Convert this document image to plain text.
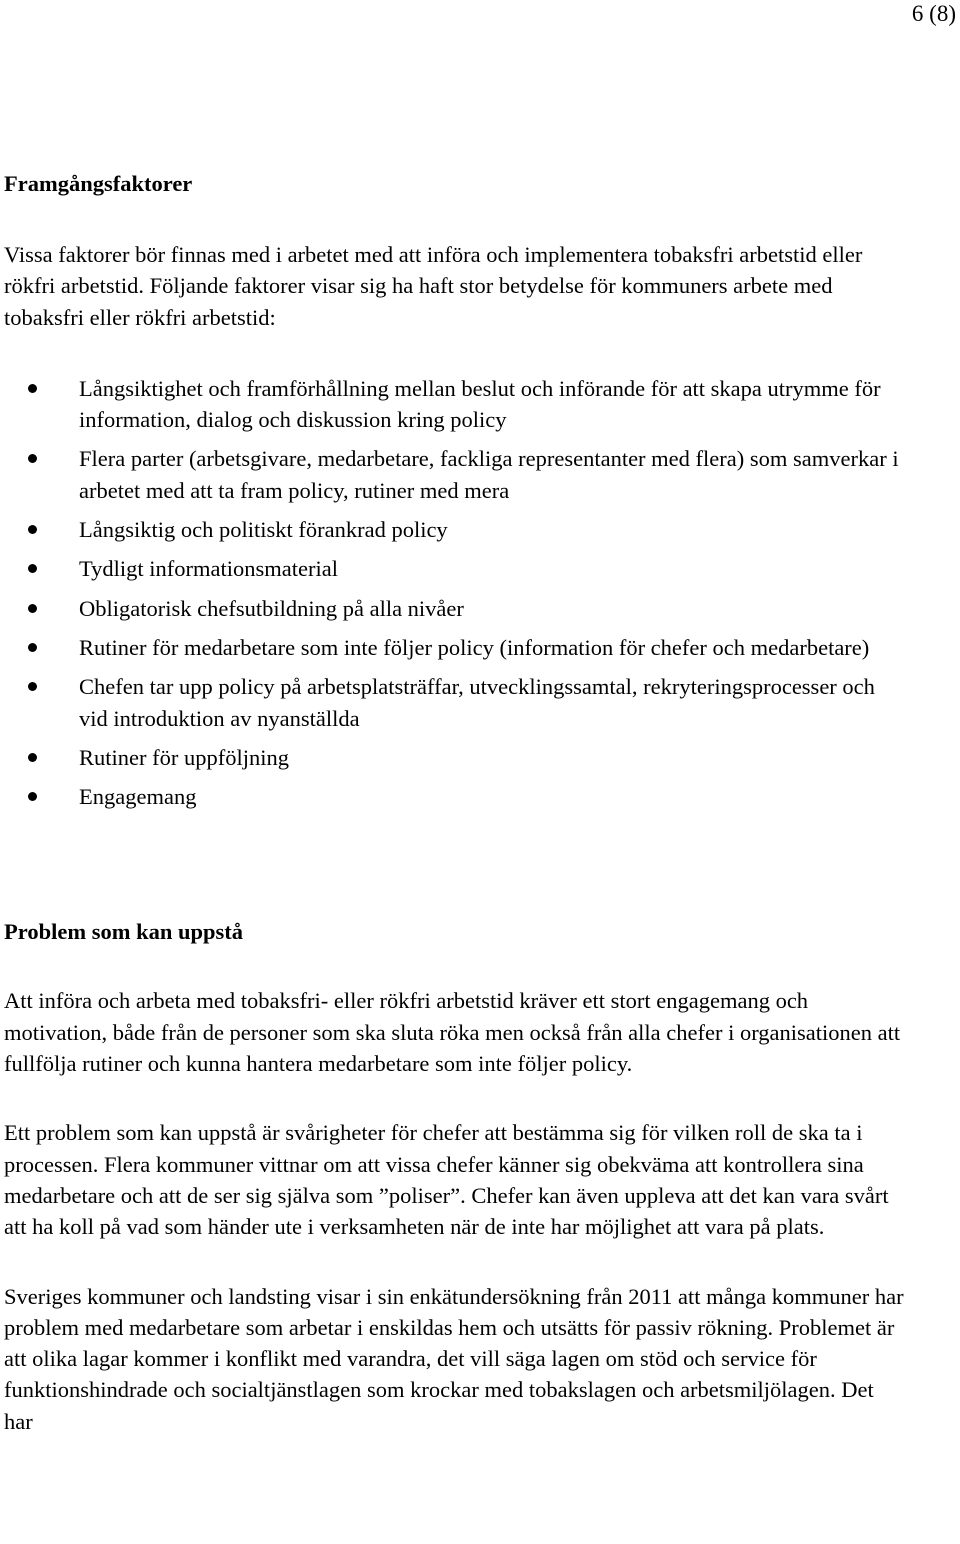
6 (8)
Framgångsfaktorer

Vissa faktorer bör finnas med i arbetet med att införa och implementera tobaksfri arbetstid eller rökfri arbetstid. Följande faktorer visar sig ha haft stor betydelse för kommuners arbete med tobaksfri eller rökfri arbetstid:

Långsiktighet och framförhållning mellan beslut och införande för att skapa utrymme för information, dialog och diskussion kring policy
Flera parter (arbetsgivare, medarbetare, fackliga representanter med flera) som samverkar i arbetet med att ta fram policy, rutiner med mera
Långsiktig och politiskt förankrad policy
Tydligt informationsmaterial
Obligatorisk chefsutbildning på alla nivåer
Rutiner för medarbetare som inte följer policy (information för chefer och medarbetare)
Chefen tar upp policy på arbetsplatsträffar, utvecklingssamtal, rekryteringsprocesser och vid introduktion av nyanställda
Rutiner för uppföljning
Engagemang
Problem som kan uppstå

Att införa och arbeta med tobaksfri- eller rökfri arbetstid kräver ett stort engagemang och motivation, både från de personer som ska sluta röka men också från alla chefer i organisationen att fullfölja rutiner och kunna hantera medarbetare som inte följer policy.

Ett problem som kan uppstå är svårigheter för chefer att bestämma sig för vilken roll de ska ta i processen. Flera kommuner vittnar om att vissa chefer känner sig obekväma att kontrollera sina medarbetare och att de ser sig själva som ”poliser”. Chefer kan även uppleva att det kan vara svårt att ha koll på vad som händer ute i verksamheten när de inte har möjlighet att vara på plats.

Sveriges kommuner och landsting visar i sin enkätundersökning från 2011 att många kommuner har problem med medarbetare som arbetar i enskildas hem och utsätts för passiv rökning. Problemet är att olika lagar kommer i konflikt med varandra, det vill säga lagen om stöd och service för funktionshindrade och socialtjänstlagen som krockar med tobakslagen och arbetsmiljölagen. Det har
